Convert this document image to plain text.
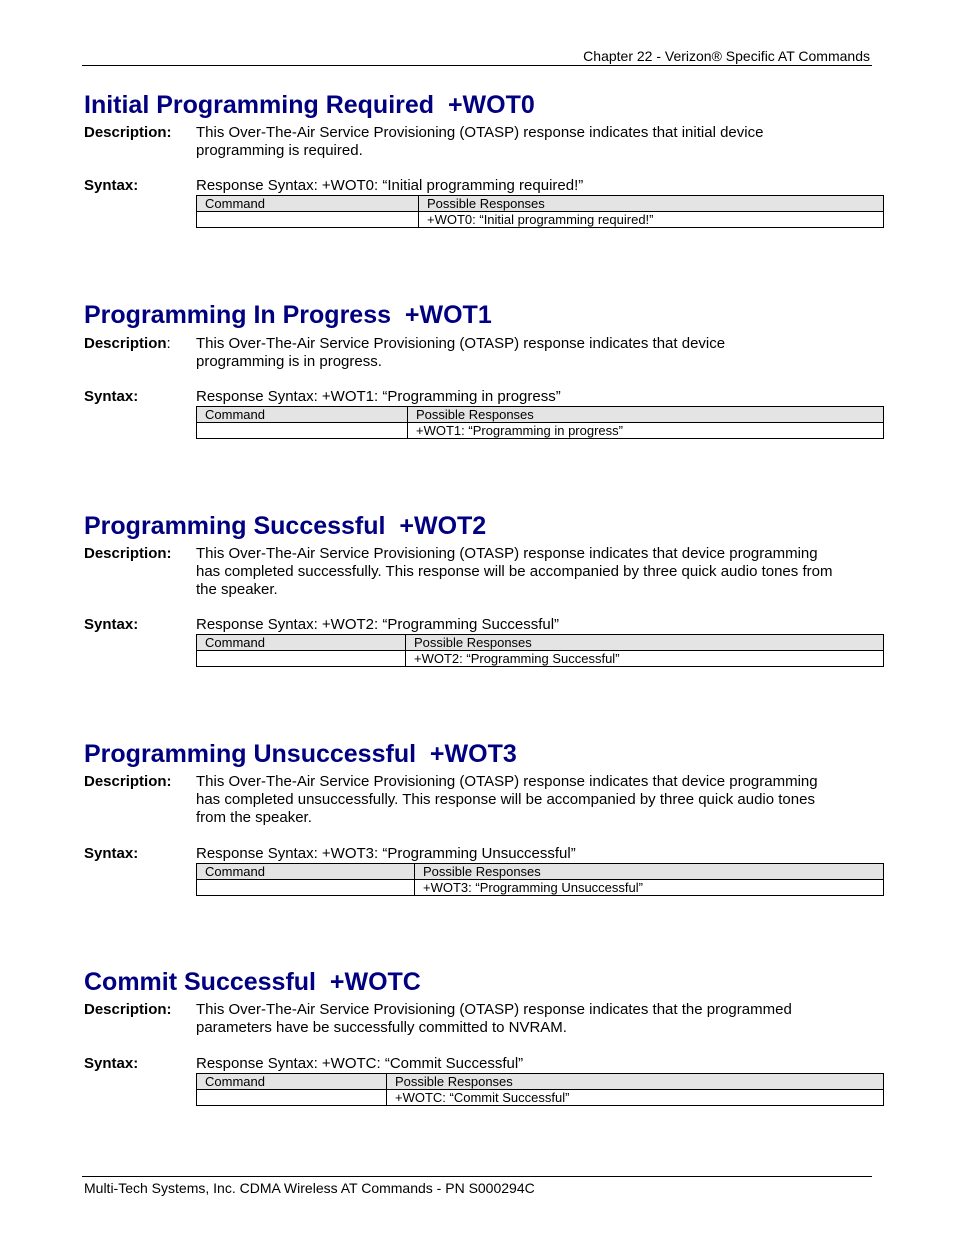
Chapter 22 - Verizon® Specific AT Commands
Initial Programming Required  +WOT0
Description: This Over-The-Air Service Provisioning (OTASP) response indicates that initial device programming is required.
Syntax:	Response Syntax: +WOT0: “Initial programming required!”
Command	Possible Responses
	+WOT0: “Initial programming required!”
Programming In Progress  +WOT1
Description: This Over-The-Air Service Provisioning (OTASP) response indicates that device programming is in progress.
Syntax:	Response Syntax: +WOT1: “Programming in progress”
Command	Possible Responses
	+WOT1: “Programming in progress”
Programming Successful  +WOT2
Description: This Over-The-Air Service Provisioning (OTASP) response indicates that device programming has completed successfully. This response will be accompanied by three quick audio tones from the speaker.
Syntax:	Response Syntax: +WOT2: “Programming Successful”
Command	Possible Responses
	+WOT2: “Programming Successful”
Programming Unsuccessful  +WOT3
Description: This Over-The-Air Service Provisioning (OTASP) response indicates that device programming has completed unsuccessfully. This response will be accompanied by three quick audio tones from the speaker.
Syntax:	Response Syntax: +WOT3: “Programming Unsuccessful”
Command	Possible Responses
	+WOT3: “Programming Unsuccessful”
Commit Successful  +WOTC
Description: This Over-The-Air Service Provisioning (OTASP) response indicates that the programmed parameters have be successfully committed to NVRAM.
Syntax:	Response Syntax: +WOTC: “Commit Successful”
Command	Possible Responses
	+WOTC: “Commit Successful”
Multi-Tech Systems, Inc. CDMA Wireless AT Commands - PN S000294C
